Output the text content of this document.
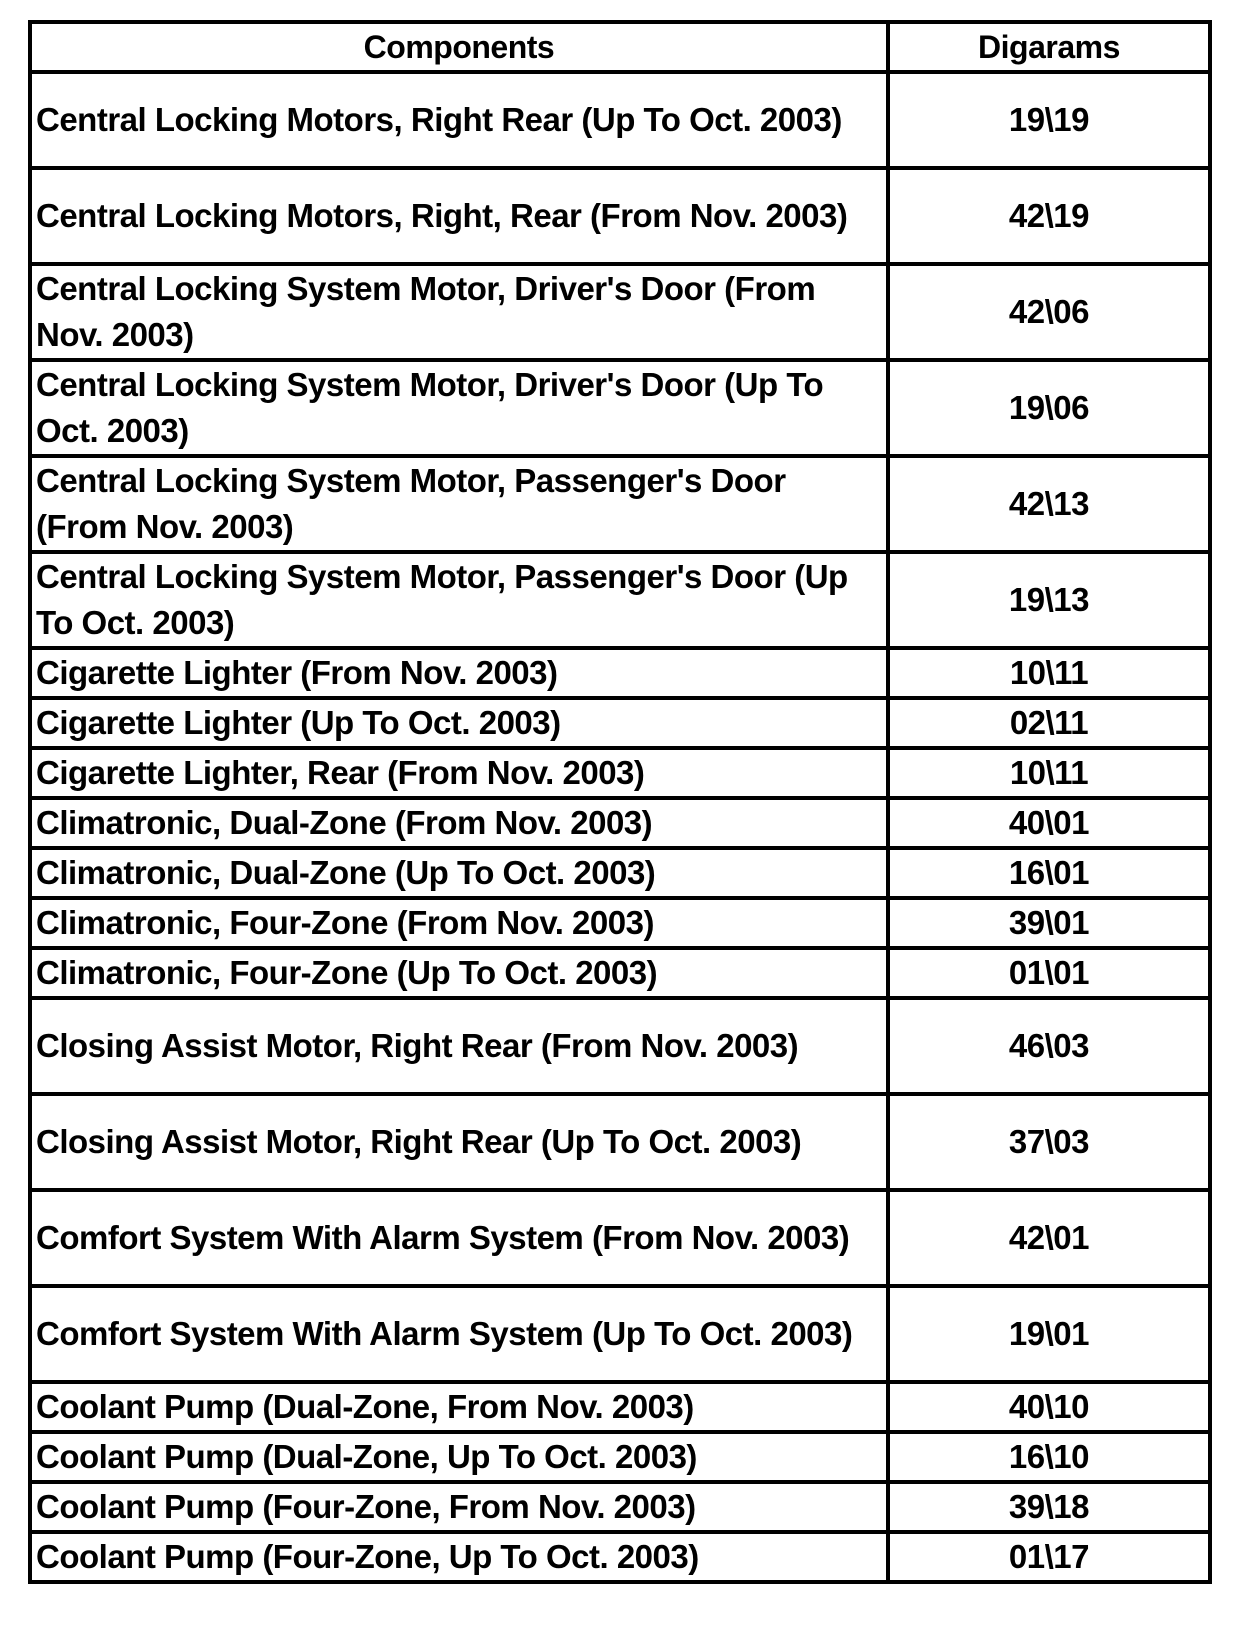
Components	Digarams
Central Locking Motors, Right Rear (Up To Oct. 2003)	19\19
Central Locking Motors, Right, Rear (From Nov. 2003)	42\19
Central Locking System Motor, Driver's Door (From Nov. 2003)	42\06
Central Locking System Motor, Driver's Door (Up To Oct. 2003)	19\06
Central Locking System Motor, Passenger's Door (From Nov. 2003)	42\13
Central Locking System Motor, Passenger's Door (Up To Oct. 2003)	19\13
Cigarette Lighter (From Nov. 2003)	10\11
Cigarette Lighter (Up To Oct. 2003)	02\11
Cigarette Lighter, Rear (From Nov. 2003)	10\11
Climatronic, Dual-Zone (From Nov. 2003)	40\01
Climatronic, Dual-Zone (Up To Oct. 2003)	16\01
Climatronic, Four-Zone (From Nov. 2003)	39\01
Climatronic, Four-Zone (Up To Oct. 2003)	01\01
Closing Assist Motor, Right Rear (From Nov. 2003)	46\03
Closing Assist Motor, Right Rear (Up To Oct. 2003)	37\03
Comfort System With Alarm System (From Nov. 2003)	42\01
Comfort System With Alarm System (Up To Oct. 2003)	19\01
Coolant Pump (Dual-Zone, From Nov. 2003)	40\10
Coolant Pump (Dual-Zone, Up To Oct. 2003)	16\10
Coolant Pump (Four-Zone, From Nov. 2003)	39\18
Coolant Pump (Four-Zone, Up To Oct. 2003)	01\17
